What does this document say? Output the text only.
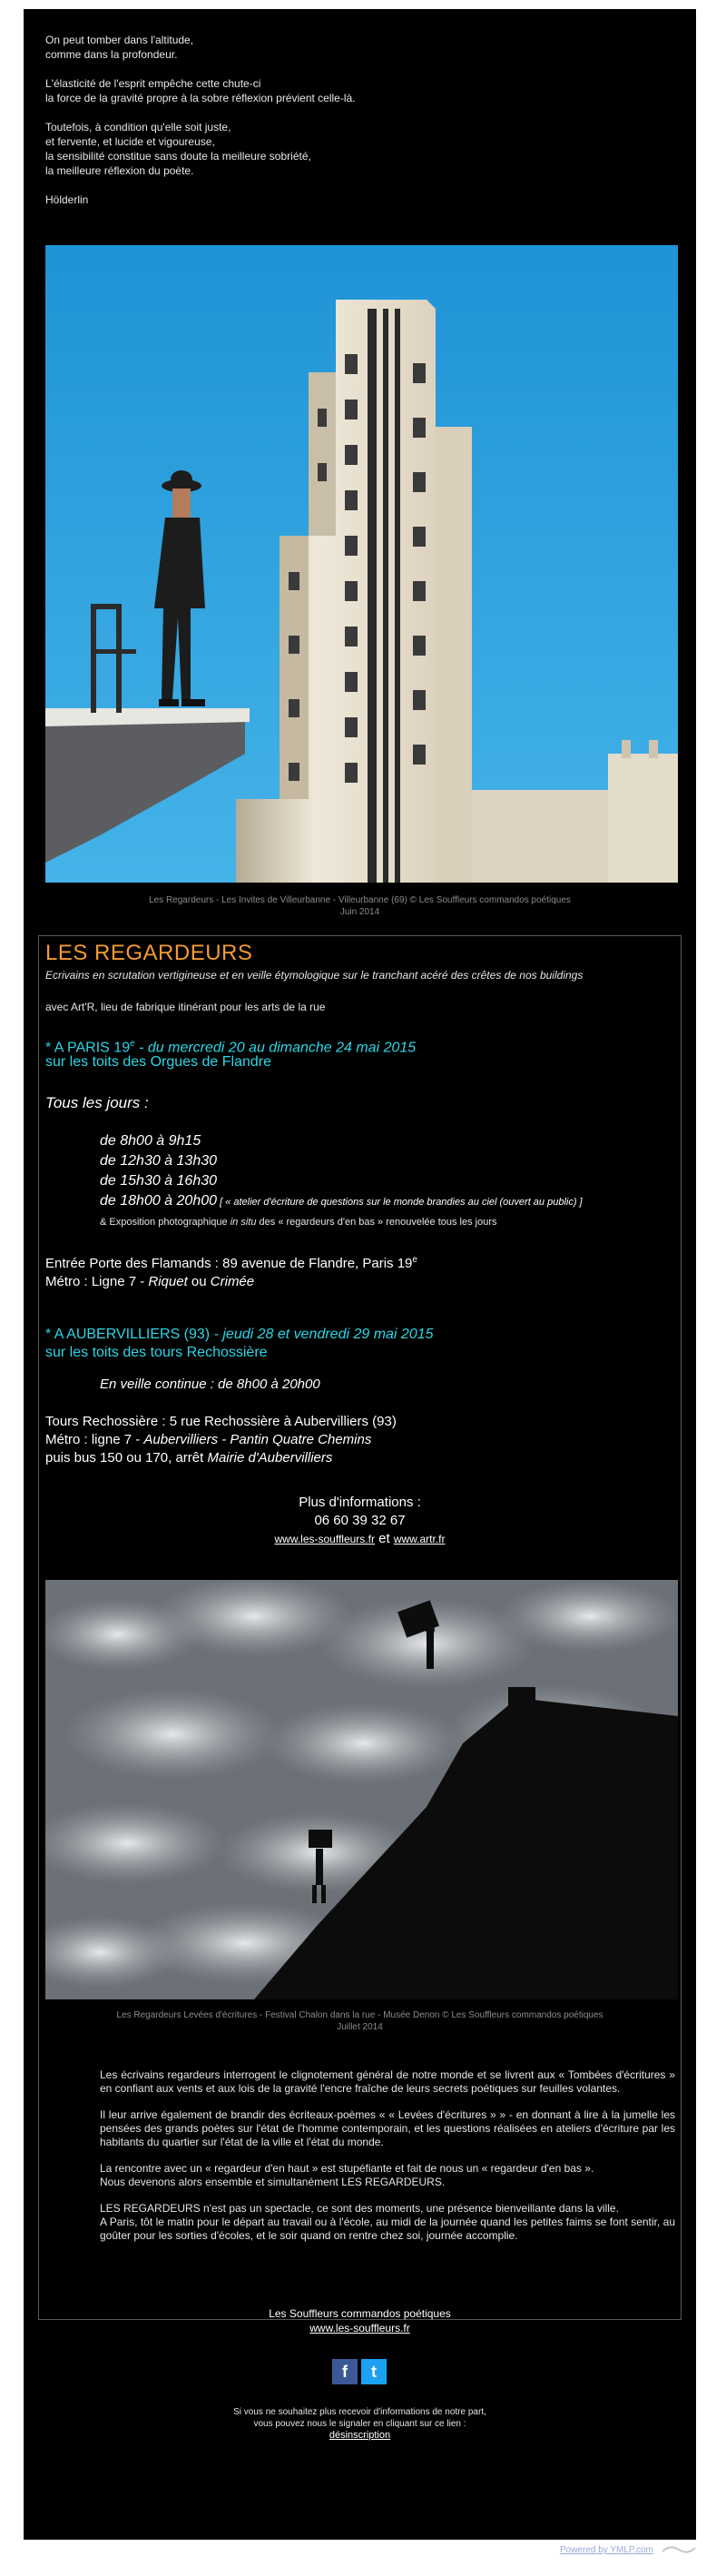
On peut tomber dans l'altitude,
comme dans la profondeur.

L'élasticité de l'esprit empêche cette chute-ci
la force de la gravité propre à la sobre réflexion prévient celle-là.

Toutefois, à condition qu'elle soit juste,
et fervente, et lucide et vigoureuse,
la sensibilité constitue sans doute la meilleure sobriété,
la meilleure réflexion du poète.

Hölderlin

Les Regardeurs - Les Invites de Villeurbanne - Villeurbanne (69) © Les Souffleurs commandos poétiques
Juin 2014
LES REGARDEURS
Ecrivains en scrutation vertigineuse et en veille étymologique sur le tranchant acéré des crêtes de nos buildings
avec Art'R, lieu de fabrique itinérant pour les arts de la rue
* A PARIS 19e - du mercredi 20 au dimanche 24 mai 2015
sur les toits des Orgues de Flandre
Tous les jours :
de 8h00 à 9h15
de 12h30 à 13h30
de 15h30 à 16h30
de 18h00 à 20h00 [ « atelier d'écriture de questions sur le monde brandies au ciel (ouvert au public) ]
& Exposition photographique in situ des « regardeurs d'en bas » renouvelée tous les jours
Entrée Porte des Flamands : 89 avenue de Flandre, Paris 19e
Métro : Ligne 7 - Riquet ou Crimée
* A AUBERVILLIERS (93) - jeudi 28 et vendredi 29 mai 2015
sur les toits des tours Rechossière
En veille continue : de 8h00 à 20h00
Tours Rechossière : 5 rue Rechossière à Aubervilliers (93)
Métro : ligne 7 - Aubervilliers - Pantin Quatre Chemins
puis bus 150 ou 170, arrêt Mairie d'Aubervilliers
Plus d'informations :
06 60 39 32 67
www.les-souffleurs.fr et www.artr.fr
Les Regardeurs Levées d'écritures - Festival Chalon dans la rue - Musée Denon © Les Souffleurs commandos poétiques
Juillet 2014

Les écrivains regardeurs interrogent le clignotement général de notre monde et se livrent aux « Tombées d'écritures » en confiant aux vents et aux lois de la gravité l'encre fraîche de leurs secrets poétiques sur feuilles volantes.

Il leur arrive également de brandir des écriteaux-poèmes « « Levées d'écritures » » - en donnant à lire à la jumelle les pensées des grands poètes sur l'état de l'homme contemporain, et les questions réalisées en ateliers d'écriture par les habitants du quartier sur l'état de la ville et l'état du monde.

La rencontre avec un « regardeur d'en haut » est stupéfiante et fait de nous un « regardeur d'en bas ».
Nous devenons alors ensemble et simultanément LES REGARDEURS.

LES REGARDEURS n'est pas un spectacle, ce sont des moments, une présence bienveillante dans la ville.
A Paris, tôt le matin pour le départ au travail ou à l'école, au midi de la journée quand les petites faims se font sentir, au goûter pour les sorties d'écoles, et le soir quand on rentre chez soi, journée accomplie.

Les Souffleurs commandos poétiques
www.les-souffleurs.fr
f t
Si vous ne souhaitez plus recevoir d'informations de notre part,
vous pouvez nous le signaler en cliquant sur ce lien :
désinscription
Powered by YMLP.com
